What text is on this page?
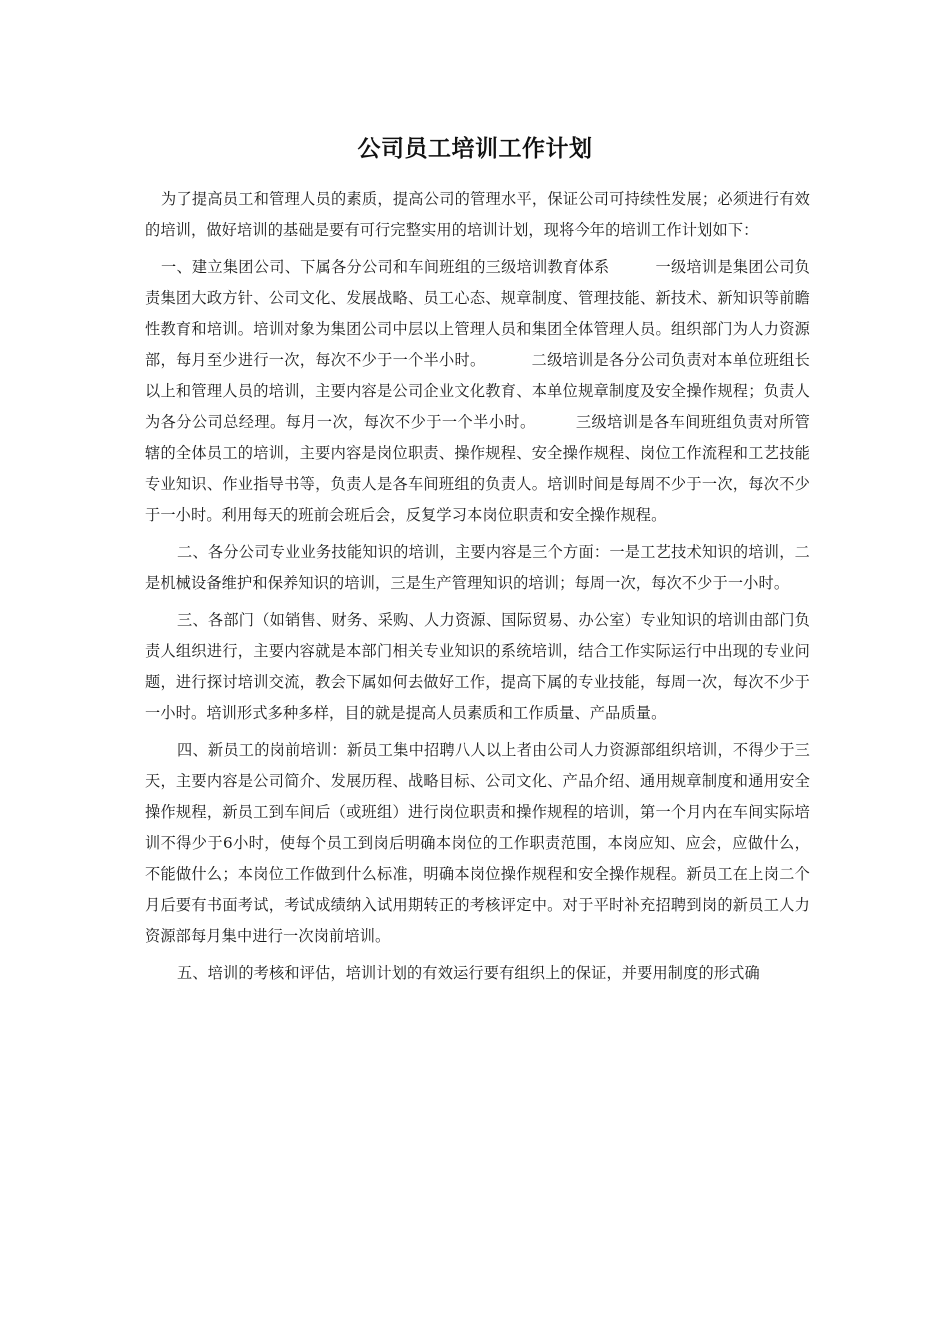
公司员工培训工作计划

为了提高员工和管理人员的素质，提高公司的管理水平，保证公司可持续性发展；必须进行有效的培训，做好培训的基础是要有可行完整实用的培训计划，现将今年的培训工作计划如下：

一、建立集团公司、下属各分公司和车间班组的三级培训教育体系	一级培训是集团公司负责集团大政方针、公司文化、发展战略、员工心态、规章制度、管理技能、新技术、新知识等前瞻性教育和培训。培训对象为集团公司中层以上管理人员和集团全体管理人员。组织部门为人力资源部，每月至少进行一次，每次不少于一个半小时。	二级培训是各分公司负责对本单位班组长以上和管理人员的培训，主要内容是公司企业文化教育、本单位规章制度及安全操作规程；负责人为各分公司总经理。每月一次，每次不少于一个半小时。	三级培训是各车间班组负责对所管辖的全体员工的培训，主要内容是岗位职责、操作规程、安全操作规程、岗位工作流程和工艺技能专业知识、作业指导书等，负责人是各车间班组的负责人。培训时间是每周不少于一次，每次不少于一小时。利用每天的班前会班后会，反复学习本岗位职责和安全操作规程。

二、各分公司专业业务技能知识的培训，主要内容是三个方面：一是工艺技术知识的培训，二是机械设备维护和保养知识的培训，三是生产管理知识的培训；每周一次，每次不少于一小时。

三、各部门（如销售、财务、采购、人力资源、国际贸易、办公室）专业知识的培训由部门负责人组织进行，主要内容就是本部门相关专业知识的系统培训，结合工作实际运行中出现的专业问题，进行探讨培训交流，教会下属如何去做好工作，提高下属的专业技能，每周一次，每次不少于一小时。培训形式多种多样，目的就是提高人员素质和工作质量、产品质量。

四、新员工的岗前培训：新员工集中招聘八人以上者由公司人力资源部组织培训，不得少于三天，主要内容是公司简介、发展历程、战略目标、公司文化、产品介绍、通用规章制度和通用安全操作规程，新员工到车间后（或班组）进行岗位职责和操作规程的培训，第一个月内在车间实际培训不得少于6小时，使每个员工到岗后明确本岗位的工作职责范围，本岗应知、应会，应做什么，不能做什么；本岗位工作做到什么标准，明确本岗位操作规程和安全操作规程。新员工在上岗二个月后要有书面考试，考试成绩纳入试用期转正的考核评定中。对于平时补充招聘到岗的新员工人力资源部每月集中进行一次岗前培训。

五、培训的考核和评估，培训计划的有效运行要有组织上的保证，并要用制度的形式确
